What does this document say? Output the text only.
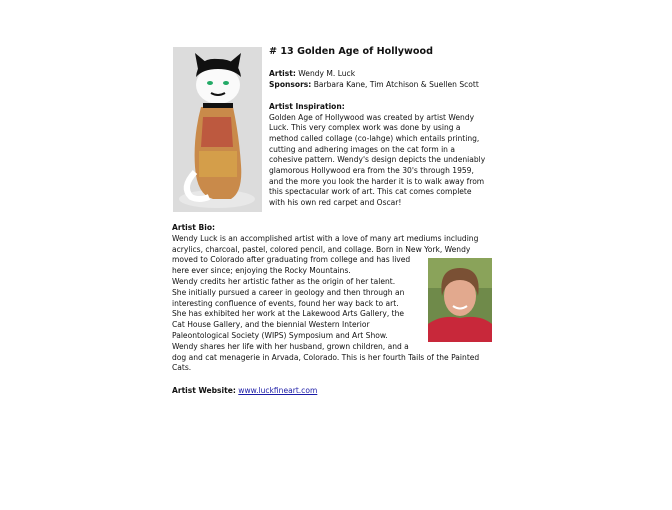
# 13 Golden Age of Hollywood
Artist: Wendy M. Luck
Sponsors: Barbara Kane, Tim Atchison & Suellen Scott
Artist Inspiration:
Golden Age of Hollywood was created by artist Wendy
Luck. This very complex work was done by using a
method called collage (co-lahge) which entails printing,
cutting and adhering images on the cat form in a
cohesive pattern. Wendy's design depicts the undeniably
glamorous Hollywood era from the 30's through 1959,
and the more you look the harder it is to walk away from
this spectacular work of art. This cat comes complete
with his own red carpet and Oscar!
Artist Bio:
Wendy Luck is an accomplished artist with a love of many art mediums including
acrylics, charcoal, pastel, colored pencil, and collage. Born in New York, Wendy
moved to Colorado after graduating from college and has lived
here ever since; enjoying the Rocky Mountains.
Wendy credits her artistic father as the origin of her talent.
She initially pursued a career in geology and then through an
interesting confluence of events, found her way back to art.
She has exhibited her work at the Lakewood Arts Gallery, the
Cat House Gallery, and the biennial Western Interior
Paleontological Society (WIPS) Symposium and Art Show.
Wendy shares her life with her husband, grown children, and a
dog and cat menagerie in Arvada, Colorado. This is her fourth Tails of the Painted
Cats.
Artist Website: www.luckfineart.com
